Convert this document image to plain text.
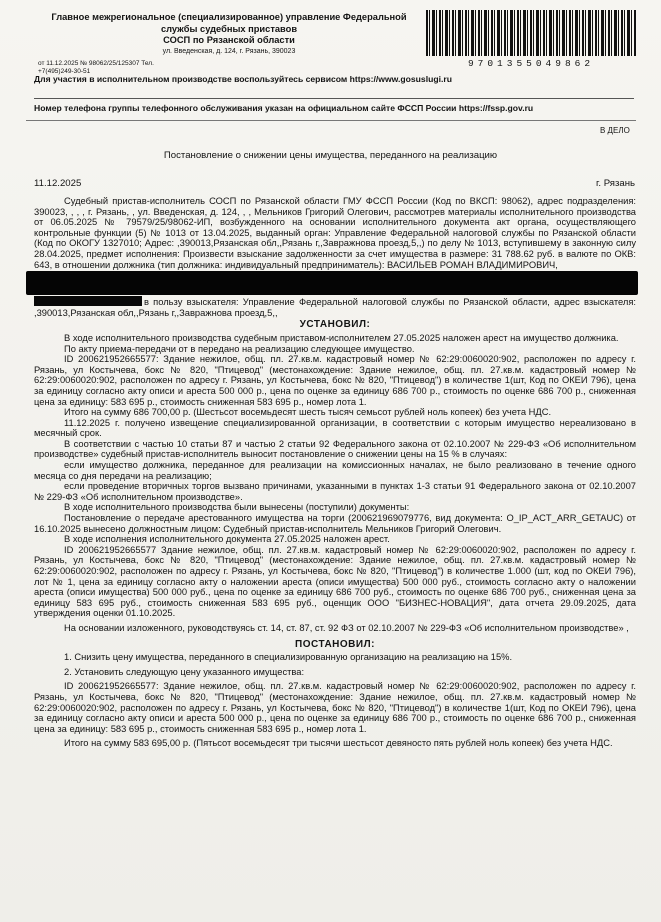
Главное межрегиональное (специализированное) управление Федеральной
службы судебных приставов
СОСП по Рязанской области
ул. Введенская, д. 124, г. Рязань, 390023
от 11.12.2025 № 98062/25/125307 Тел. +7(495)249-30-51
9701355049862
Для участия в исполнительном производстве воспользуйтесь сервисом https://www.gosuslugi.ru
Номер телефона группы телефонного обслуживания указан на официальном сайте ФССП России https://fssp.gov.ru
В ДЕЛО
Постановление о снижении цены имущества, переданного на реализацию
11.12.2025	г. Рязань

Судебный пристав-исполнитель СОСП по Рязанской области ГМУ ФССП России (Код по ВКСП: 98062), адрес подразделения: 390023, , , , г. Рязань, , ул. Введенская, д. 124, , , Мельников Григорий Олегович, рассмотрев материалы исполнительного производства от 06.05.2025 № 79579/25/98062-ИП, возбужденного на основании исполнительного документа акт органа, осуществляющего контрольные функции (5) № 1013 от 13.04.2025, выданный орган: Управление Федеральной налоговой службы по Рязанской области (Код по ОКОГУ 1327010; Адрес: ,390013,Рязанская обл,,Рязань г,,Завражнова проезд,5,,) по делу № 1013, вступившему в законную силу 28.04.2025, предмет исполнения: Произвести взыскание задолженности за счет имущества в размере: 31 788.62 руб. в валюте по ОКВ: 643, в отношении должника (тип должника: индивидуальный предприниматель): ВАСИЛЬЕВ РОМАН ВЛАДИМИРОВИЧ,

в пользу взыскателя: Управление Федеральной налоговой службы по Рязанской области, адрес взыскателя: ,390013,Рязанская обл,,Рязань г,,Завражнова проезд,5,,

УСТАНОВИЛ:

В ходе исполнительного производства судебным приставом-исполнителем 27.05.2025 наложен арест на имущество должника.

По акту приема-передачи от в передано на реализацию следующее имущество.

ID 200621952665577: Здание нежилое, общ. пл. 27.кв.м. кадастровый номер № 62:29:0060020:902, расположен по адресу г. Рязань, ул Костычева, бокс № 820, "Птицевод" (местонахождение: Здание нежилое, общ. пл. 27.кв.м. кадастровый номер № 62:29:0060020:902, расположен по адресу г. Рязань, ул Костычева, бокс № 820, "Птицевод") в количестве 1(шт, Код по ОКЕИ 796), цена за единицу согласно акту описи и ареста 500 000 р., цена по оценке за единицу 686 700 р., стоимость по оценке 686 700 р., сниженная цена за единицу: 583 695 р., стоимость сниженная 583 695 р., номер лота 1.

Итого на сумму 686 700,00 р. (Шестьсот восемьдесят шесть тысяч семьсот рублей ноль копеек) без учета НДС.

11.12.2025 г. получено извещение специализированной организации, в соответствии с которым имущество нереализовано в месячный срок.

В соответствии с частью 10 статьи 87 и частью 2 статьи 92 Федерального закона от 02.10.2007 № 229-ФЗ «Об исполнительном производстве» судебный пристав-исполнитель выносит постановление о снижении цены на 15 % в случаях:

если имущество должника, переданное для реализации на комиссионных началах, не было реализовано в течение одного месяца со дня передачи на реализацию;

если проведение вторичных торгов вызвано причинами, указанными в пунктах 1-3 статьи 91 Федерального закона от 02.10.2007 № 229-ФЗ «Об исполнительном производстве».

В ходе исполнительного производства были вынесены (поступили) документы:

Постановление о передаче арестованного имущества на торги (200621969079776, вид документа: O_IP_ACT_ARR_GETAUC) от 16.10.2025 вынесено должностным лицом: Судебный пристав-исполнитель Мельников Григорий Олегович.

В ходе исполнения исполнительного документа 27.05.2025 наложен арест.

ID 200621952665577 Здание нежилое, общ. пл. 27.кв.м. кадастровый номер № 62:29:0060020:902, расположен по адресу г. Рязань, ул Костычева, бокс № 820, "Птицевод" (местонахождение: Здание нежилое, общ. пл. 27.кв.м. кадастровый номер № 62:29:0060020:902, расположен по адресу г. Рязань, ул Костычева, бокс № 820, "Птицевод") в количестве 1.000 (шт, код по ОКЕИ 796), лот № 1, цена за единицу согласно акту о наложении ареста (описи имущества) 500 000 руб., стоимость согласно акту о наложении ареста (описи имущества) 500 000 руб., цена по оценке за единицу 686 700 руб., стоимость по оценке 686 700 руб., сниженная цена за единицу 583 695 руб., стоимость сниженная 583 695 руб., оценщик ООО "БИЗНЕС-НОВАЦИЯ", дата отчета 29.09.2025, дата утверждения оценки 01.10.2025.

На основании изложенного, руководствуясь ст. 14, ст. 87, ст. 92 ФЗ от 02.10.2007 № 229-ФЗ «Об исполнительном производстве» ,

ПОСТАНОВИЛ:

1. Снизить цену имущества, переданного в специализированную организацию на реализацию на 15%.

2. Установить следующую цену указанного имущества:

ID 200621952665577: Здание нежилое, общ. пл. 27.кв.м. кадастровый номер № 62:29:0060020:902, расположен по адресу г. Рязань, ул Костычева, бокс № 820, "Птицевод" (местонахождение: Здание нежилое, общ. пл. 27.кв.м. кадастровый номер № 62:29:0060020:902, расположен по адресу г. Рязань, ул Костычева, бокс № 820, "Птицевод") в количестве 1(шт, Код по ОКЕИ 796), цена за единицу согласно акту описи и ареста 500 000 р., цена по оценке за единицу 686 700 р., стоимость по оценке 686 700 р., сниженная цена за единицу: 583 695 р., стоимость сниженная 583 695 р., номер лота 1.

Итого на сумму 583 695,00 р. (Пятьсот восемьдесят три тысячи шестьсот девяносто пять рублей ноль копеек) без учета НДС.
